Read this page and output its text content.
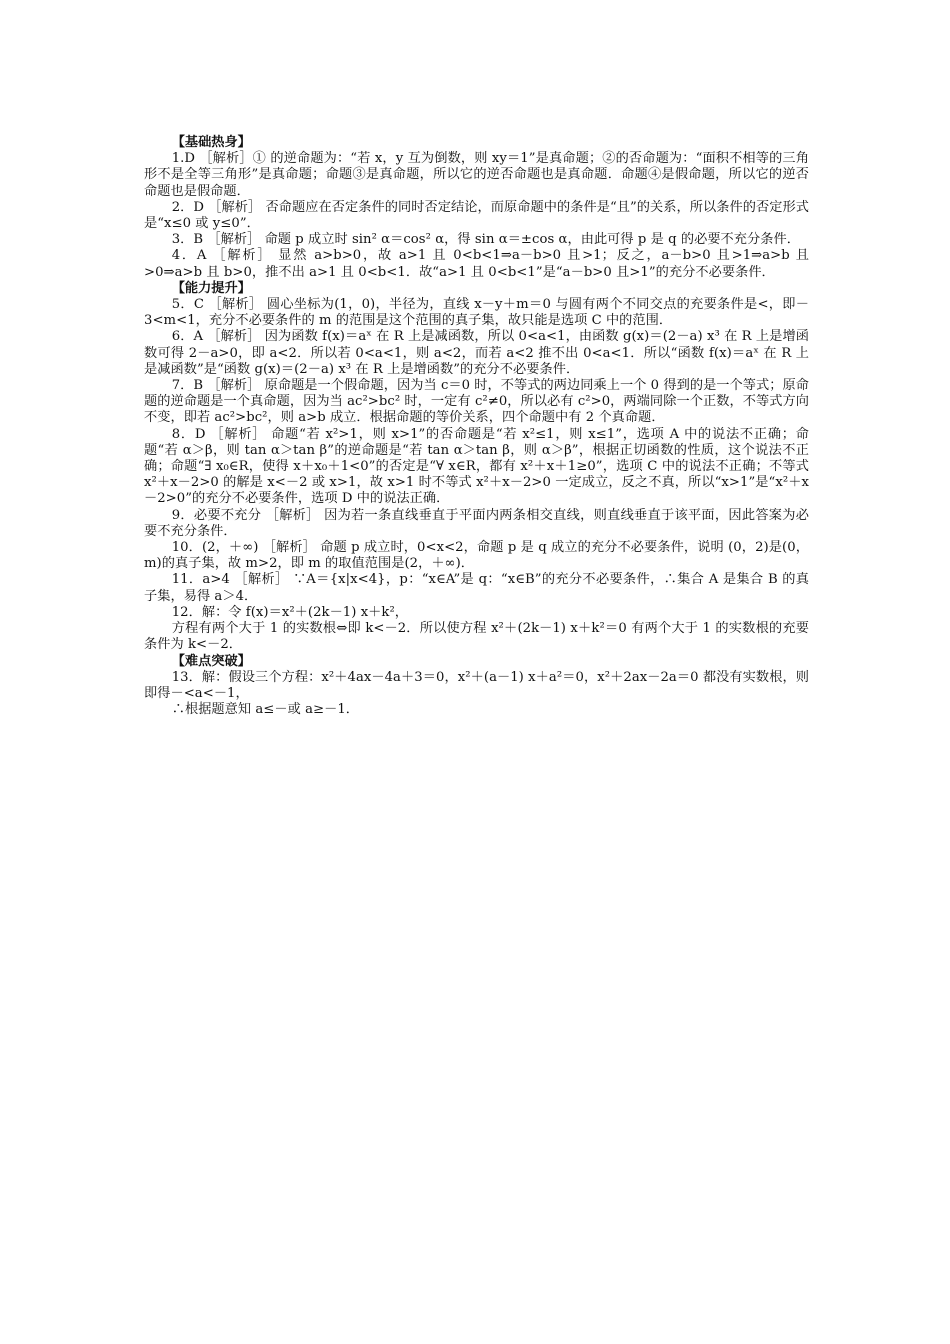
【基础热身】

1.D ［解析］① 的逆命题为：“若 x，y 互为倒数，则 xy＝1”是真命题；②的否命题为：“面积不相等的三角形不是全等三角形”是真命题；命题③是真命题，所以它的逆否命题也是真命题．命题④是假命题，所以它的逆否命题也是假命题．

2．D ［解析］ 否命题应在否定条件的同时否定结论，而原命题中的条件是“且”的关系，所以条件的否定形式是“x≤0 或 y≤0”．

3．B ［解析］ 命题 p 成立时 sin² α＝cos² α，得 sin α＝±cos α，由此可得 p 是 q 的必要不充分条件．

4．A ［解析］ 显然 a>b>0，故 a>1 且 0<b<1⇒a－b>0 且>1；反之，a－b>0 且>1⇒a>b 且>0⇒a>b 且 b>0，推不出 a>1 且 0<b<1．故“a>1 且 0<b<1”是“a－b>0 且>1”的充分不必要条件．

【能力提升】

5．C ［解析］ 圆心坐标为(1，0)，半径为，直线 x－y＋m＝0 与圆有两个不同交点的充要条件是<，即－3<m<1，充分不必要条件的 m 的范围是这个范围的真子集，故只能是选项 C 中的范围．

6．A ［解析］ 因为函数 f(x)＝aˣ 在 R 上是减函数，所以 0<a<1，由函数 g(x)＝(2－a) x³ 在 R 上是增函数可得 2－a>0，即 a<2．所以若 0<a<1，则 a<2，而若 a<2 推不出 0<a<1．所以“函数 f(x)＝aˣ 在 R 上是减函数”是“函数 g(x)＝(2－a) x³ 在 R 上是增函数”的充分不必要条件．

7．B ［解析］ 原命题是一个假命题，因为当 c＝0 时，不等式的两边同乘上一个 0 得到的是一个等式；原命题的逆命题是一个真命题，因为当 ac²>bc² 时，一定有 c²≠0，所以必有 c²>0，两端同除一个正数，不等式方向不变，即若 ac²>bc²，则 a>b 成立．根据命题的等价关系，四个命题中有 2 个真命题．

8．D ［解析］ 命题“若 x²>1，则 x>1”的否命题是“若 x²≤1，则 x≤1”，选项 A 中的说法不正确；命题“若 α＞β，则 tan α＞tan β”的逆命题是“若 tan α＞tan β，则 α＞β”，根据正切函数的性质，这个说法不正确；命题“∃ x₀∈R，使得 x＋x₀＋1<0”的否定是“∀ x∈R，都有 x²＋x＋1≥0”，选项 C 中的说法不正确；不等式 x²＋x－2>0 的解是 x<－2 或 x>1，故 x>1 时不等式 x²＋x－2>0 一定成立，反之不真，所以“x>1”是“x²＋x－2>0”的充分不必要条件，选项 D 中的说法正确．

9．必要不充分 ［解析］ 因为若一条直线垂直于平面内两条相交直线，则直线垂直于该平面，因此答案为必要不充分条件．

10．(2，＋∞) ［解析］ 命题 p 成立时，0<x<2，命题 p 是 q 成立的充分不必要条件，说明 (0，2)是(0，m)的真子集，故 m>2，即 m 的取值范围是(2，＋∞)．

11．a>4 ［解析］ ∵A＝{x|x<4}，p：“x∈A”是 q：“x∈B”的充分不必要条件，∴集合 A 是集合 B 的真子集，易得 a＞4．

12．解：令 f(x)＝x²＋(2k－1) x＋k²，

方程有两个大于 1 的实数根⇔即 k<－2．所以使方程 x²＋(2k－1) x＋k²＝0 有两个大于 1 的实数根的充要条件为 k<－2．

【难点突破】

13．解：假设三个方程：x²＋4ax－4a＋3＝0，x²＋(a－1) x＋a²＝0，x²＋2ax－2a＝0 都没有实数根，则即得－<a<－1，

∴根据题意知 a≤－或 a≥－1．
